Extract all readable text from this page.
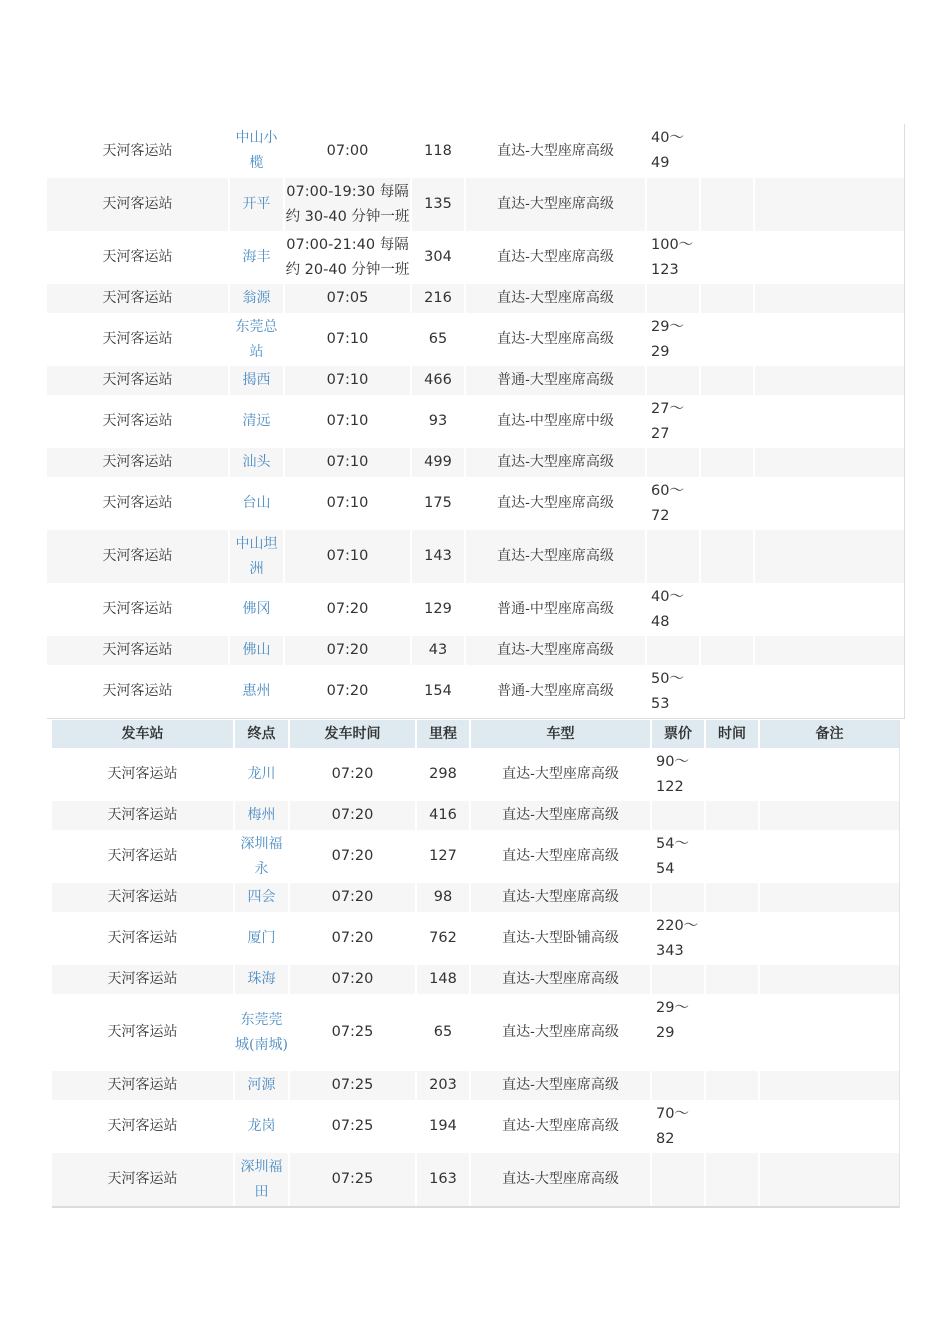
天河客运站	中山小榄	07:00	118	直达-大型座席高级	40～49		
天河客运站	开平	07:00-19:30 每隔约 30-40 分钟一班	135	直达-大型座席高级			
天河客运站	海丰	07:00-21:40 每隔约 20-40 分钟一班	304	直达-大型座席高级	100～123		
天河客运站	翁源	07:05	216	直达-大型座席高级			
天河客运站	东莞总站	07:10	65	直达-大型座席高级	29～29		
天河客运站	揭西	07:10	466	普通-大型座席高级			
天河客运站	清远	07:10	93	直达-中型座席中级	27～27		
天河客运站	汕头	07:10	499	直达-大型座席高级			
天河客运站	台山	07:10	175	直达-大型座席高级	60～72		
天河客运站	中山坦洲	07:10	143	直达-大型座席高级			
天河客运站	佛冈	07:20	129	普通-中型座席高级	40～48		
天河客运站	佛山	07:20	43	直达-大型座席高级			
天河客运站	惠州	07:20	154	普通-大型座席高级	50～53		
发车站	终点	发车时间	里程	车型	票价	时间	备注
天河客运站	龙川	07:20	298	直达-大型座席高级	90～122		
天河客运站	梅州	07:20	416	直达-大型座席高级			
天河客运站	深圳福永	07:20	127	直达-大型座席高级	54～54		
天河客运站	四会	07:20	98	直达-大型座席高级			
天河客运站	厦门	07:20	762	直达-大型卧铺高级	220～343		
天河客运站	珠海	07:20	148	直达-大型座席高级			
天河客运站	东莞莞城(南城)	07:25	65	直达-大型座席高级	29～29		
天河客运站	河源	07:25	203	直达-大型座席高级			
天河客运站	龙岗	07:25	194	直达-大型座席高级	70～82		
天河客运站	深圳福田	07:25	163	直达-大型座席高级			
